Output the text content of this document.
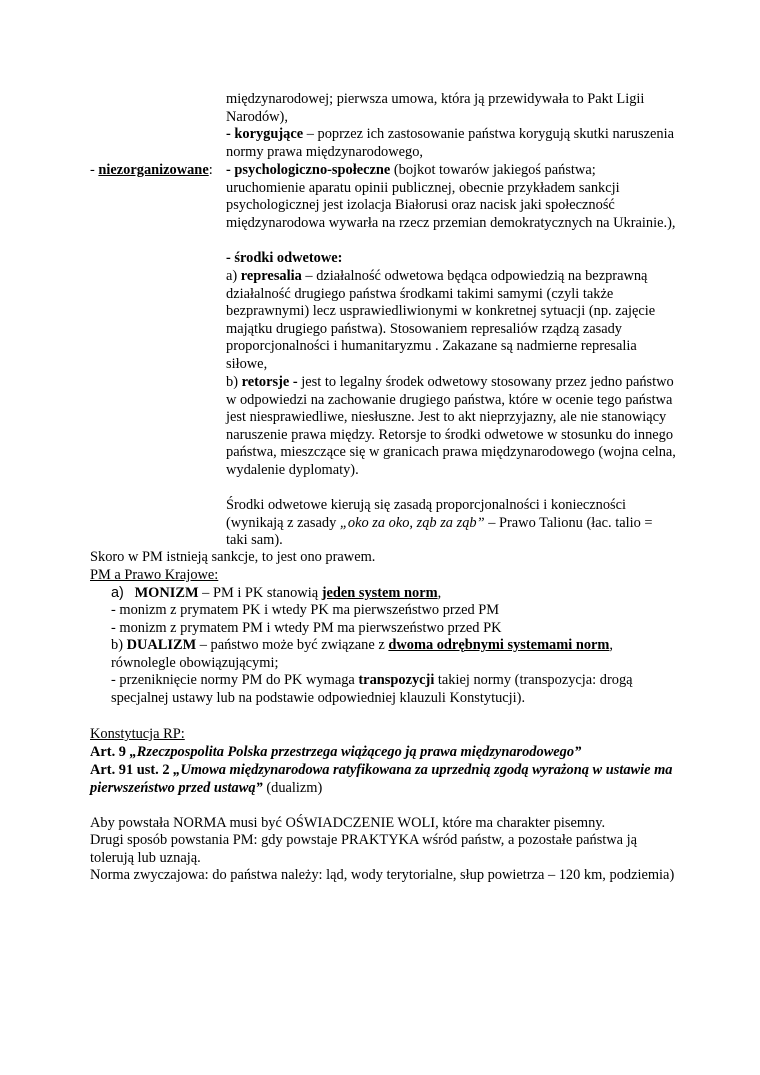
międzynarodowej; pierwsza umowa, która ją przewidywała to Pakt Ligii Narodów),

- korygujące – poprzez ich zastosowanie państwa korygują skutki naruszenia normy prawa międzynarodowego,

- niezorganizowane: - psychologiczno-społeczne (bojkot towarów jakiegoś państwa; uruchomienie aparatu opinii publicznej, obecnie przykładem sankcji psychologicznej jest izolacja Białorusi oraz nacisk jaki społeczność międzynarodowa wywarła na rzecz przemian demokratycznych na Ukrainie.),

- środki odwetowe:

a) represalia – działalność odwetowa będąca odpowiedzią na bezprawną działalność drugiego państwa środkami takimi samymi (czyli także bezprawnymi) lecz usprawiedliwionymi w konkretnej sytuacji (np. zajęcie majątku drugiego państwa). Stosowaniem represaliów rządzą zasady proporcjonalności i humanitaryzmu . Zakazane są nadmierne represalia siłowe,

b) retorsje - jest to legalny środek odwetowy stosowany przez jedno państwo w odpowiedzi na zachowanie drugiego państwa, które w ocenie tego państwa jest niesprawiedliwe, niesłuszne. Jest to akt nieprzyjazny, ale nie stanowiący naruszenie prawa między. Retorsje to środki odwetowe w stosunku do innego państwa, mieszczące się w granicach prawa międzynarodowego (wojna celna, wydalenie dyplomaty).

Środki odwetowe kierują się zasadą proporcjonalności i konieczności (wynikają z zasady „oko za oko, ząb za ząb” – Prawo Talionu (łac. talio = taki sam).

Skoro w PM istnieją sankcje, to jest ono prawem.

PM a Prawo Krajowe:

a) MONIZM – PM i PK stanowią jeden system norm,

- monizm z prymatem PK i wtedy PK ma pierwszeństwo przed PM

- monizm z prymatem PM i wtedy PM ma pierwszeństwo przed PK

b) DUALIZM – państwo może być związane z dwoma odrębnymi systemami norm, równolegle obowiązującymi;

- przeniknięcie normy PM do PK wymaga transpozycji takiej normy (transpozycja: drogą specjalnej ustawy lub na podstawie odpowiedniej klauzuli Konstytucji).

Konstytucja RP:

Art. 9 „Rzeczpospolita Polska przestrzega wiążącego ją prawa międzynarodowego”

Art. 91 ust. 2 „Umowa międzynarodowa ratyfikowana za uprzednią zgodą wyrażoną w ustawie ma pierwszeństwo przed ustawą” (dualizm)

Aby powstała NORMA musi być OŚWIADCZENIE WOLI, które ma charakter pisemny.

Drugi sposób powstania PM: gdy powstaje PRAKTYKA wśród państw, a pozostałe państwa ją tolerują lub uznają.

Norma zwyczajowa: do państwa należy: ląd, wody terytorialne, słup powietrza – 120 km, podziemia)
